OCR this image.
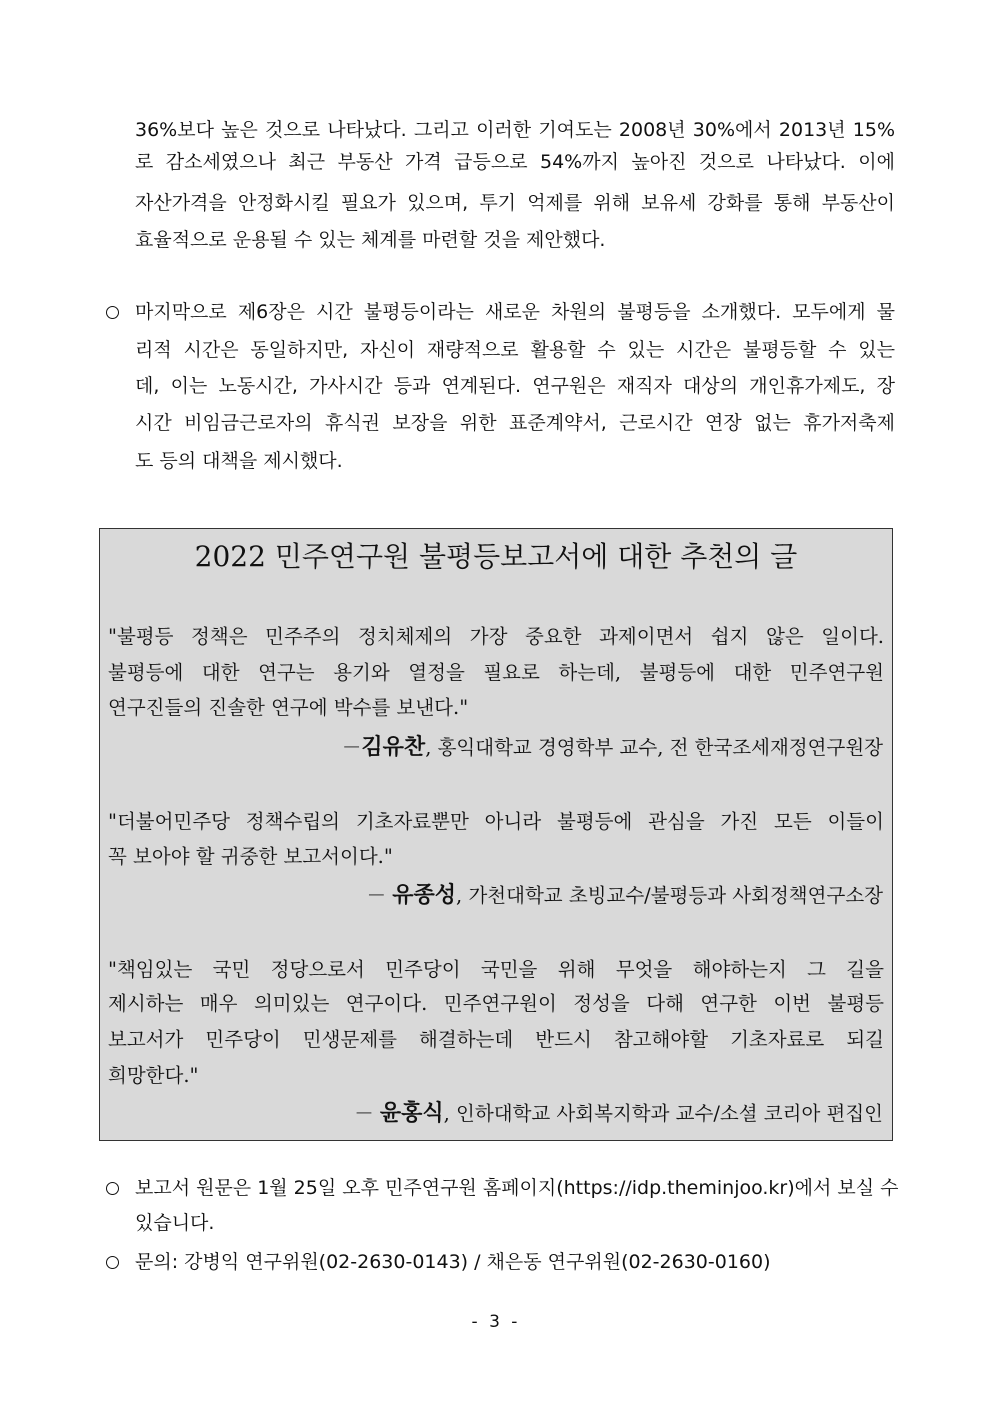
36%보다 높은 것으로 나타났다. 그리고 이러한 기여도는 2008년 30%에서 2013년 15%
로 감소세였으나 최근 부동산 가격 급등으로 54%까지 높아진 것으로 나타났다. 이에
자산가격을 안정화시킬 필요가 있으며, 투기 억제를 위해 보유세 강화를 통해 부동산이
효율적으로 운용될 수 있는 체계를 마련할 것을 제안했다.
마지막으로 제6장은 시간 불평등이라는 새로운 차원의 불평등을 소개했다. 모두에게 물
리적 시간은 동일하지만, 자신이 재량적으로 활용할 수 있는 시간은 불평등할 수 있는
데, 이는 노동시간, 가사시간 등과 연계된다. 연구원은 재직자 대상의 개인휴가제도, 장
시간 비임금근로자의 휴식권 보장을 위한 표준계약서, 근로시간 연장 없는 휴가저축제
도 등의 대책을 제시했다.
2022 민주연구원 불평등보고서에 대한 추천의 글
"불평등 정책은 민주주의 정치체제의 가장 중요한 과제이면서 쉽지 않은 일이다.
불평등에 대한 연구는 용기와 열정을 필요로 하는데, 불평등에 대한 민주연구원
연구진들의 진솔한 연구에 박수를 보낸다."
－김유찬, 홍익대학교 경영학부 교수, 전 한국조세재정연구원장
"더불어민주당 정책수립의 기초자료뿐만 아니라 불평등에 관심을 가진 모든 이들이
꼭 보아야 할 귀중한 보고서이다."
－ 유종성, 가천대학교 초빙교수/불평등과 사회정책연구소장
"책임있는 국민 정당으로서 민주당이 국민을 위해 무엇을 해야하는지 그 길을
제시하는 매우 의미있는 연구이다. 민주연구원이 정성을 다해 연구한 이번 불평등
보고서가 민주당이 민생문제를 해결하는데 반드시 참고해야할 기초자료로 되길
희망한다."
－ 윤홍식, 인하대학교 사회복지학과 교수/소셜 코리아 편집인
보고서 원문은 1월 25일 오후 민주연구원 홈페이지(https://idp.theminjoo.kr)에서 보실 수
있습니다.
문의: 강병익 연구위원(02-2630-0143) / 채은동 연구위원(02-2630-0160)
- 3 -
